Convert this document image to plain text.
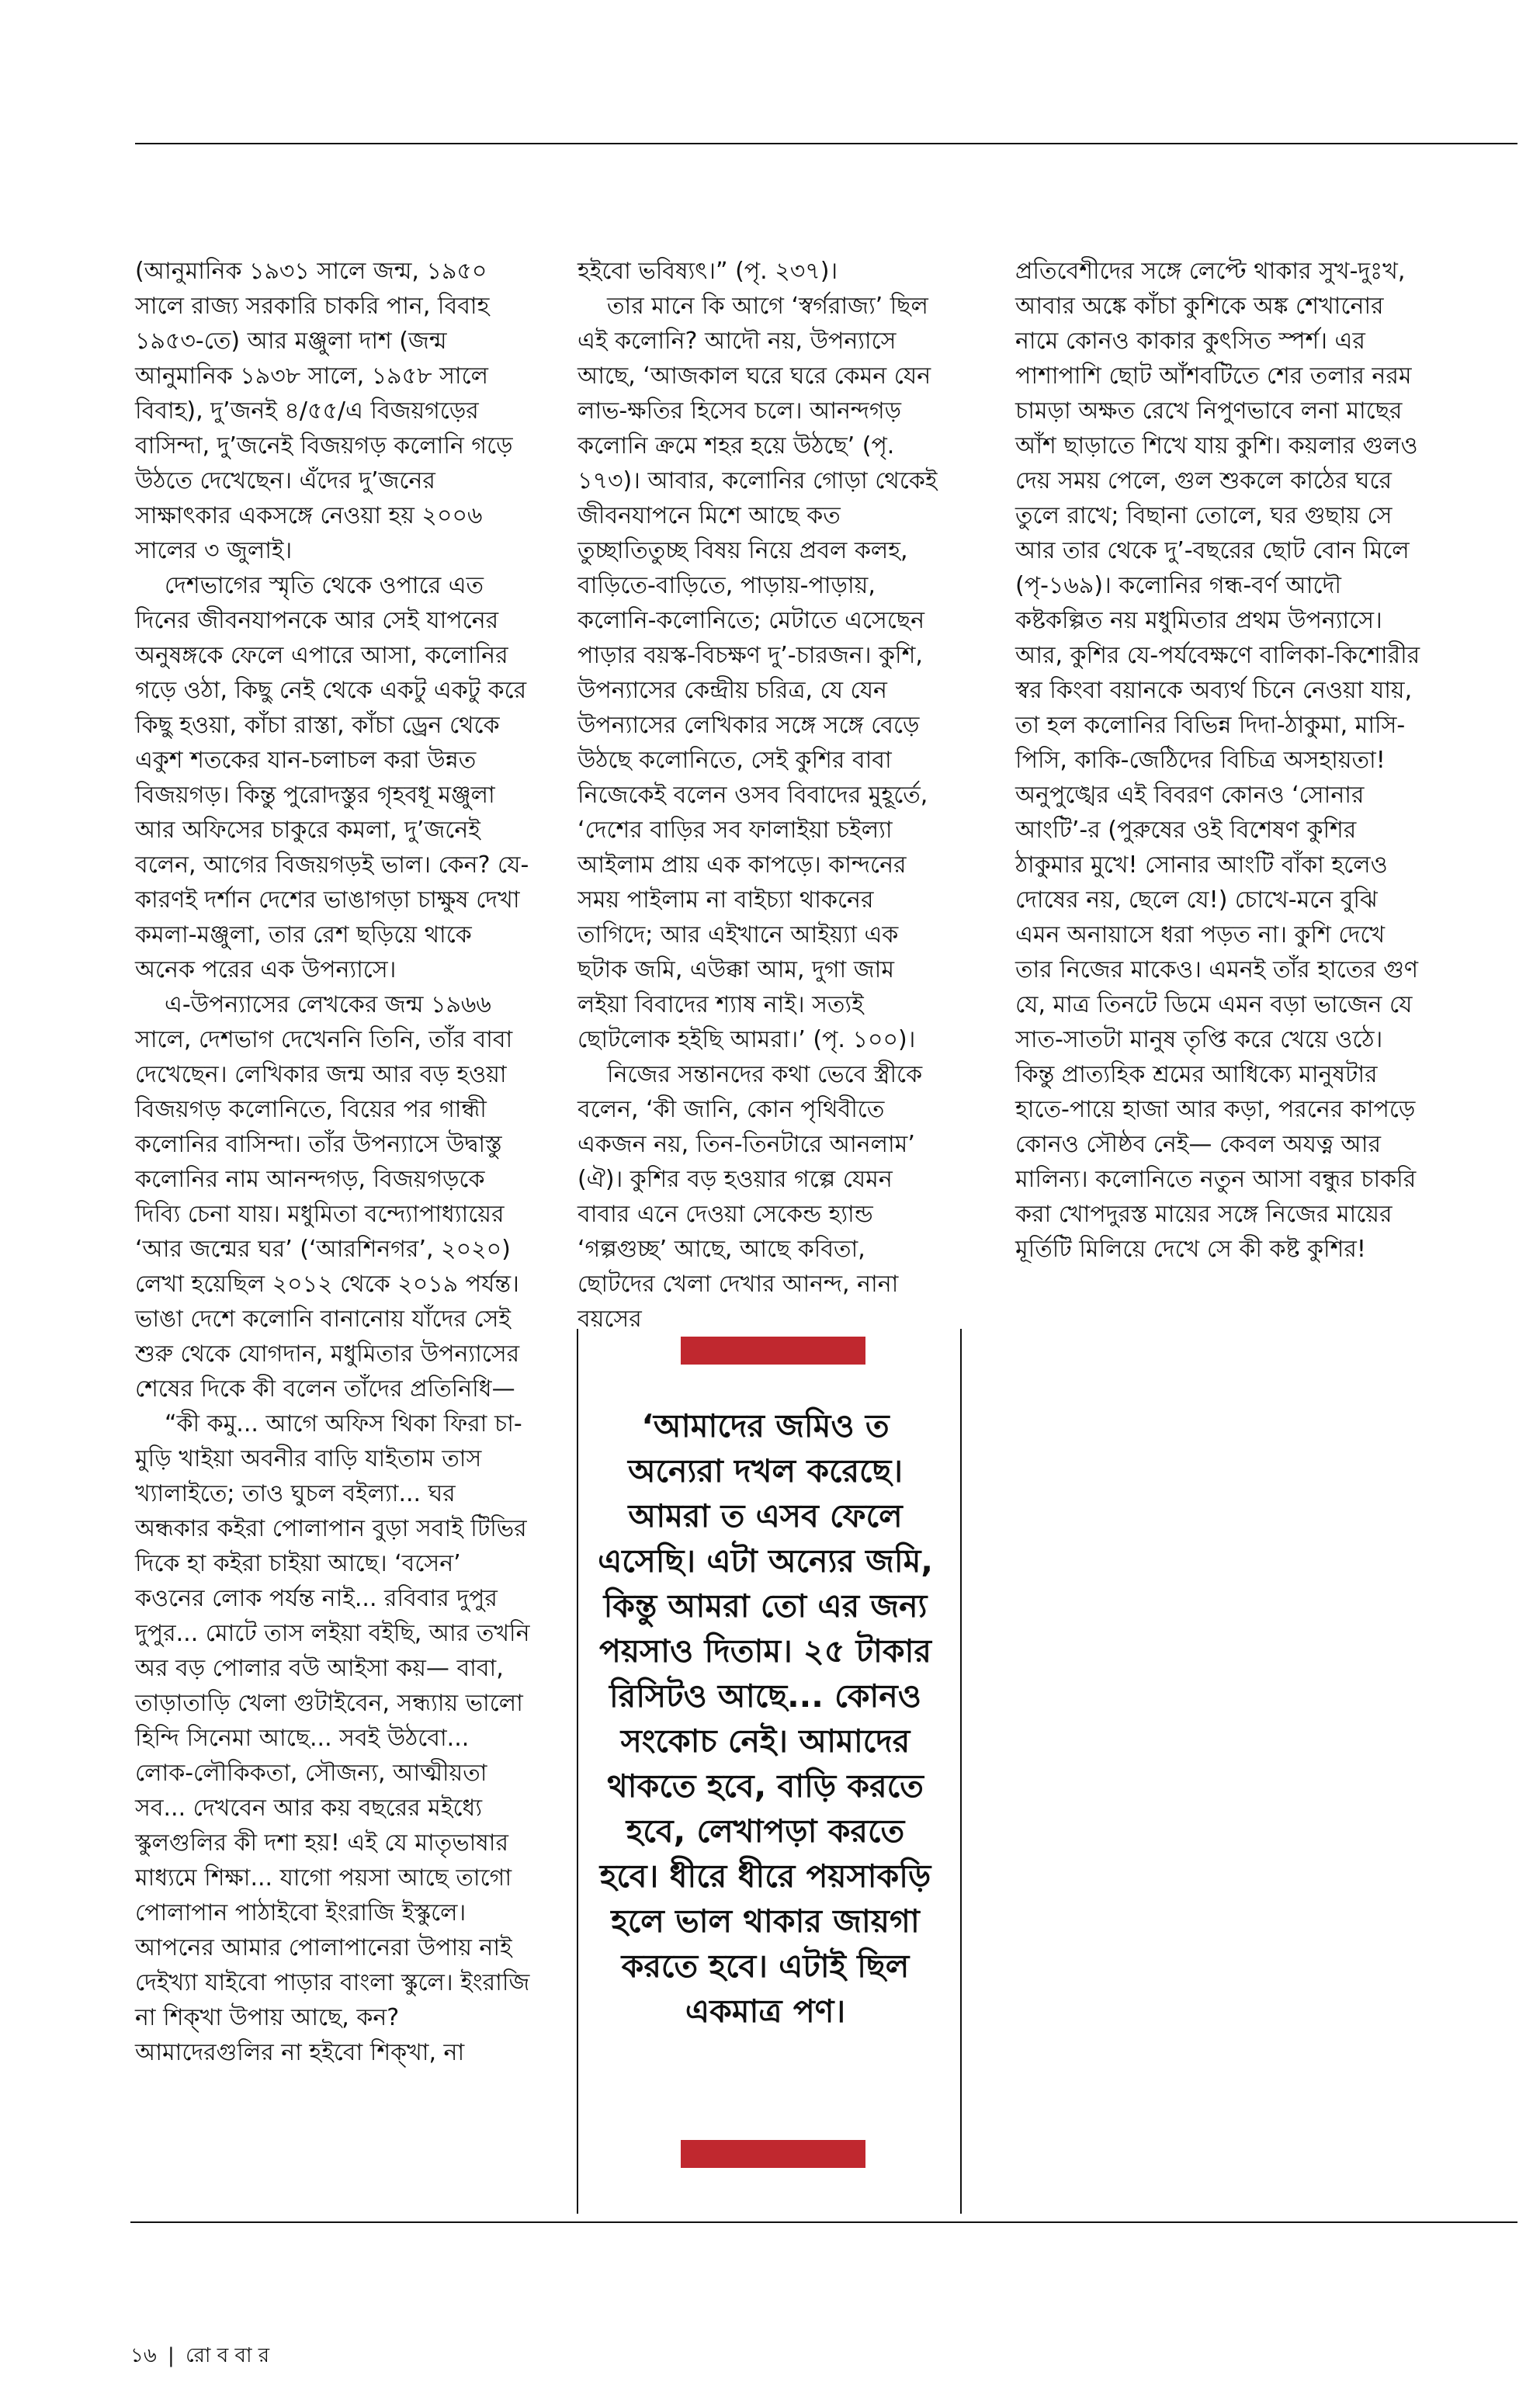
(আনুমানিক ১৯৩১ সালে জন্ম, ১৯৫০ সালে রাজ্য সরকারি চাকরি পান, বিবাহ ১৯৫৩-তে) আর মঞ্জুলা দাশ (জন্ম আনুমানিক ১৯৩৮ সালে, ১৯৫৮ সালে বিবাহ), দু’জনই ৪/৫৫/এ বিজয়গড়ের বাসিন্দা, দু’জনেই বিজয়গড় কলোনি গড়ে উঠতে দেখেছেন। এঁদের দু’জনের সাক্ষাৎকার একসঙ্গে নেওয়া হয় ২০০৬ সালের ৩ জুলাই।

দেশভাগের স্মৃতি থেকে ওপারে এত দিনের জীবনযাপনকে আর সেই যাপনের অনুষঙ্গকে ফেলে এপারে আসা, কলোনির গড়ে ওঠা, কিছু নেই থেকে একটু একটু করে কিছু হওয়া, কাঁচা রাস্তা, কাঁচা ড্রেন থেকে একুশ শতকের যান-চলাচল করা উন্নত বিজয়গড়। কিন্তু পুরোদস্তুর গৃহবধূ মঞ্জুলা আর অফিসের চাকুরে কমলা, দু’জনেই বলেন, আগের বিজয়গড়ই ভাল। কেন? যে-কারণই দর্শান দেশের ভাঙাগড়া চাক্ষুষ দেখা কমলা-মঞ্জুলা, তার রেশ ছড়িয়ে থাকে অনেক পরের এক উপন্যাসে।

এ-উপন্যাসের লেখকের জন্ম ১৯৬৬ সালে, দেশভাগ দেখেননি তিনি, তাঁর বাবা দেখেছেন। লেখিকার জন্ম আর বড় হওয়া বিজয়গড় কলোনিতে, বিয়ের পর গান্ধী কলোনির বাসিন্দা। তাঁর উপন্যাসে উদ্বাস্তু কলোনির নাম আনন্দগড়, বিজয়গড়কে দিব্যি চেনা যায়। মধুমিতা বন্দ্যোপাধ্যায়ের ‘আর জন্মের ঘর’ (‘আরশিনগর’, ২০২০) লেখা হয়েছিল ২০১২ থেকে ২০১৯ পর্যন্ত। ভাঙা দেশে কলোনি বানানোয় যাঁদের সেই শুরু থেকে যোগদান, মধুমিতার উপন্যাসের শেষের দিকে কী বলেন তাঁদের প্রতিনিধি—

“কী কমু... আগে অফিস থিকা ফিরা চা-মুড়ি খাইয়া অবনীর বাড়ি যাইতাম তাস খ্যালাইতে; তাও ঘুচল বইল্যা... ঘর অন্ধকার কইরা পোলাপান বুড়া সবাই টিভির দিকে হা কইরা চাইয়া আছে। ‘বসেন’ কওনের লোক পর্যন্ত নাই... রবিবার দুপুর দুপুর... মোটে তাস লইয়া বইছি, আর তখনি অর বড় পোলার বউ আইসা কয়— বাবা, তাড়াতাড়ি খেলা গুটাইবেন, সন্ধ্যায় ভালো হিন্দি সিনেমা আছে... সবই উঠবো... লোক-লৌকিকতা, সৌজন্য, আত্মীয়তা সব... দেখবেন আর কয় বছরের মইধ্যে স্কুলগুলির কী দশা হয়! এই যে মাতৃভাষার মাধ্যমে শিক্ষা... যাগো পয়সা আছে তাগো পোলাপান পাঠাইবো ইংরাজি ইস্কুলে। আপনের আমার পোলাপানেরা উপায় নাই দেইখ্যা যাইবো পাড়ার বাংলা স্কুলে। ইংরাজি না শিক্‌খা উপায় আছে, কন? আমাদেরগুলির না হইবো শিক্‌খা, না

হইবো ভবিষ্যৎ।” (পৃ. ২৩৭)।

তার মানে কি আগে ‘স্বর্গরাজ্য’ ছিল এই কলোনি? আদৌ নয়, উপন্যাসে আছে, ‘আজকাল ঘরে ঘরে কেমন যেন লাভ-ক্ষতির হিসেব চলে। আনন্দগড় কলোনি ক্রমে শহর হয়ে উঠছে’ (পৃ. ১৭৩)। আবার, কলোনির গোড়া থেকেই জীবনযাপনে মিশে আছে কত তুচ্ছাতিতুচ্ছ বিষয় নিয়ে প্রবল কলহ, বাড়িতে-বাড়িতে, পাড়ায়-পাড়ায়, কলোনি-কলোনিতে; মেটাতে এসেছেন পাড়ার বয়স্ক-বিচক্ষণ দু’-চারজন। কুশি, উপন্যাসের কেন্দ্রীয় চরিত্র, যে যেন উপন্যাসের লেখিকার সঙ্গে সঙ্গে বেড়ে উঠছে কলোনিতে, সেই কুশির বাবা নিজেকেই বলেন ওসব বিবাদের মুহূর্তে, ‘দেশের বাড়ির সব ফালাইয়া চইল্যা আইলাম প্রায় এক কাপড়ে। কান্দনের সময় পাইলাম না বাইচ্যা থাকনের তাগিদে; আর এইখানে আইয়্যা এক ছটাক জমি, এউক্কা আম, দুগা জাম লইয়া বিবাদের শ্যাষ নাই। সত্যই ছোটলোক হইছি আমরা।’ (পৃ. ১০০)।

নিজের সন্তানদের কথা ভেবে স্ত্রীকে বলেন, ‘কী জানি, কোন পৃথিবীতে একজন নয়, তিন-তিনটারে আনলাম’ (ঐ)। কুশির বড় হওয়ার গল্পে যেমন বাবার এনে দেওয়া সেকেন্ড হ্যান্ড ‘গল্পগুচ্ছ’ আছে, আছে কবিতা, ছোটদের খেলা দেখার আনন্দ, নানা বয়সের

প্রতিবেশীদের সঙ্গে লেপ্টে থাকার সুখ-দুঃখ, আবার অঙ্কে কাঁচা কুশিকে অঙ্ক শেখানোর নামে কোনও কাকার কুৎসিত স্পর্শ। এর পাশাপাশি ছোট আঁশবটিতে শের তলার নরম চামড়া অক্ষত রেখে নিপুণভাবে লনা মাছের আঁশ ছাড়াতে শিখে যায় কুশি। কয়লার গুলও দেয় সময় পেলে, গুল শুকলে কাঠের ঘরে তুলে রাখে; বিছানা তোলে, ঘর গুছায় সে আর তার থেকে দু’-বছরের ছোট বোন মিলে (পৃ-১৬৯)। কলোনির গন্ধ-বর্ণ আদৌ কষ্টকল্পিত নয় মধুমিতার প্রথম উপন্যাসে। আর, কুশির যে-পর্যবেক্ষণে বালিকা-কিশোরীর স্বর কিংবা বয়ানকে অব্যর্থ চিনে নেওয়া যায়, তা হল কলোনির বিভিন্ন দিদা-ঠাকুমা, মাসি-পিসি, কাকি-জেঠিদের বিচিত্র অসহায়তা! অনুপুঙ্খের এই বিবরণ কোনও ‘সোনার আংটি’-র (পুরুষের ওই বিশেষণ কুশির ঠাকুমার মুখে! সোনার আংটি বাঁকা হলেও দোষের নয়, ছেলে যে!) চোখে-মনে বুঝি এমন অনায়াসে ধরা পড়ত না। কুশি দেখে তার নিজের মাকেও। এমনই তাঁর হাতের গুণ যে, মাত্র তিনটে ডিমে এমন বড়া ভাজেন যে সাত-সাতটা মানুষ তৃপ্তি করে খেয়ে ওঠে। কিন্তু প্রাত্যহিক শ্রমের আধিক্যে মানুষটার হাতে-পায়ে হাজা আর কড়া, পরনের কাপড়ে কোনও সৌষ্ঠব নেই— কেবল অযত্ন আর মালিন্য। কলোনিতে নতুন আসা বন্ধুর চাকরি করা খোপদুরস্ত মায়ের সঙ্গে নিজের মায়ের মূর্তিটি মিলিয়ে দেখে সে কী কষ্ট কুশির!

‘আমাদের জমিও ত অন্যেরা দখল করেছে। আমরা ত এসব ফেলে এসেছি। এটা অন্যের জমি, কিন্তু আমরা তো এর জন্য পয়সাও দিতাম। ২৫ টাকার রিসিটও আছে... কোনও সংকোচ নেই। আমাদের থাকতে হবে, বাড়ি করতে হবে, লেখাপড়া করতে হবে। ধীরে ধীরে পয়সাকড়ি হলে ভাল থাকার জায়গা করতে হবে। এটাই ছিল একমাত্র পণ।

১৬ | রো ব বা র
